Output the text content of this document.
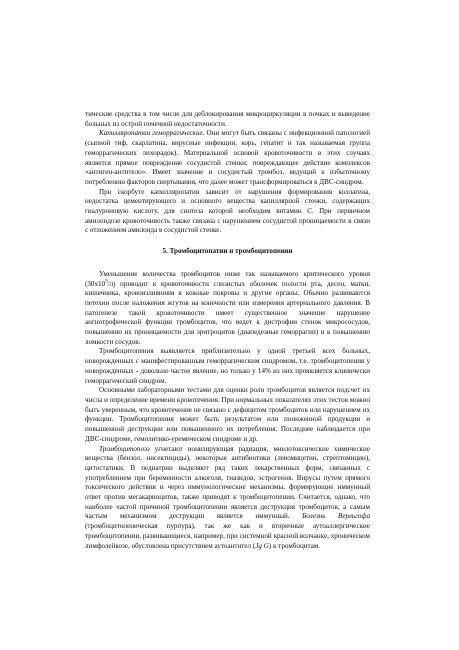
тические средства в том числе для деблокирования микроциркуляции в почках и выведение больных из острой почечной недостаточности.

Капилляропатии геморрагические. Они могут быть связаны с инфекционной патологией (сыпной тиф, скарлатина, вирусные инфекции, корь, гепатит и так называемая группа геморрагических лихорадок). Материальной основой кровоточивости в этих случаях является прямое повреждение сосудистой стенки; повреждающее действие комплексов «антиген-антитело». Имеет значение и сосудистый тромбоз, ведущий к избыточному потреблению факторов свертывания, что далее может трансформироваться в ДВС-синдром.

При скорбуте капилляропатия зависит от нарушения формирования коллагена, недостатка цементирующего и основного вещества капиллярной стенки, содержащих гиалуроновую кислоту, для синтеза которой необходим витамин С. При первичном амилоидозе кровоточивость также связана с нарушением сосудистой проницаемости в связи с отложением амилоида в сосудистой стенке.

5. Тромбоцитопатии и тромбоцитопении

Уменьшение количества тромбоцитов ниже так называемого критического уровня $(30х10^9/л)$ приводит к кровоточивости слизистых оболочек полости рта, десен, матки, кишечника, кровоизлияниям в кожные покровы и другие органы. Обычно развиваются петехии после наложения жгутов на конечности или измерения артериального давления. В патогенезе такой кровоточивости имеет существенное значение нарушение ангиотрофической функции тромбоцитов, что ведет к дистрофии стенок микрососудов, повышению их проницаемости для эритроцитов (диапедезные геморрагии) и к повышению ломкости сосудов.

Тромбоцитопения выявляется приблизительно у одной третьей всех больных, новорожденных с манифестированным геморрагическим синдромом, т.е. тромбоцитопения у новорожденных - довольно частое явление, но только у 14% из них проявляется клинически геморрагический синдром.

Основными лабораторными тестами для оценки роли тромбоцитов является подсчет их числа и определение времени кровотечения. При нормальных показателях этих тестов можно быть уверенным, что кровотечение не связано с дефицитом тромбоцитов или нарушением их функции. Тромбоцитопения может быть результатом или пониженной продукции и повышенной деструкции или повышенного их потребления. Последнее наблюдается при ДВС-синдроме, гемолитико-уремическом синдроме и др.

Тромбоцитопоэз угнетают ионизирующая радиация, миелотоксические химические вещества (бензол, инсектициды), некоторые антибиотики (левомицетин, стрептомицин), цитостатики. В педиатрии выделяют ряд таких лекарственных форм, связанных с употреблением при беременности алкоголя, тиазидов, эстрогенов. Вирусы путем прямого токсического действия и через иммунологические механизмы, формирующие иммунный ответ против мегакариоцитов, также приводят к тромбоцитопении. Считается, однако, что наиболее частой причиной тромбоцитопении является деструкция тромбоцитов, а самым частым механизмом деструкции является иммунный. Болезнь Верльгофа (тромбоцитопеническая пурпура), так же как и вторичные аутоаллергические тромбоцитопении, развивающиеся, например, при системной красной волчанке, хроническом лимфолейкозе, обусловлена присутствием аутоантител (Jg G) к тромбоцитам.
